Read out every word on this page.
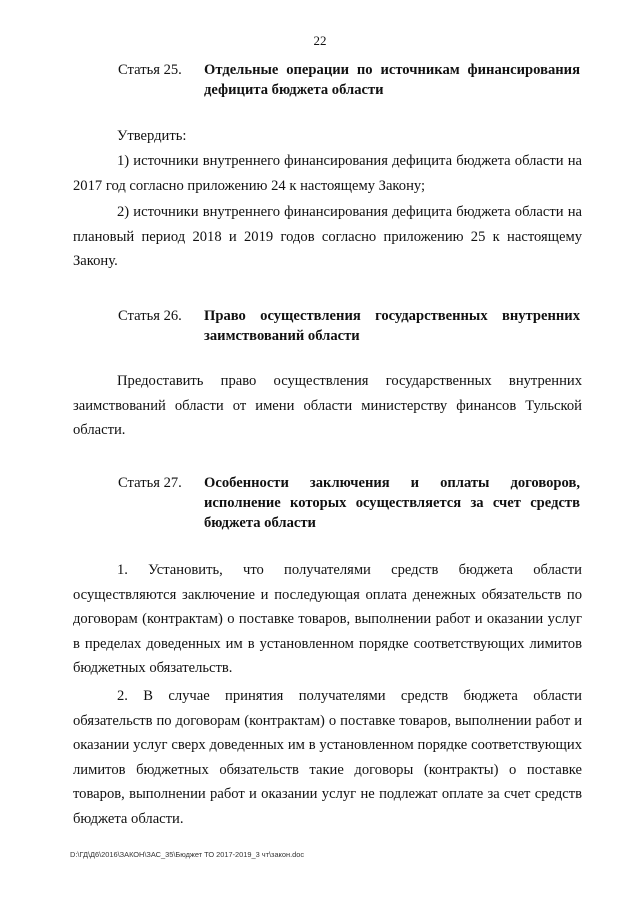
22
Статья 25. Отдельные операции по источникам финансирования дефицита бюджета области

Утвердить:

1) источники внутреннего финансирования дефицита бюджета области на 2017 год согласно приложению 24 к настоящему Закону;

2) источники внутреннего финансирования дефицита бюджета области на плановый период 2018 и 2019 годов согласно приложению 25 к настоящему Закону.

Статья 26. Право осуществления государственных внутренних заимствований области

Предоставить право осуществления государственных внутренних заимствований области от имени области министерству финансов Тульской области.

Статья 27. Особенности заключения и оплаты договоров, исполнение которых осуществляется за счет средств бюджета области

1. Установить, что получателями средств бюджета области осуществляются заключение и последующая оплата денежных обязательств по договорам (контрактам) о поставке товаров, выполнении работ и оказании услуг в пределах доведенных им в установленном порядке соответствующих лимитов бюджетных обязательств.

2. В случае принятия получателями средств бюджета области обязательств по договорам (контрактам) о поставке товаров, выполнении работ и оказании услуг сверх доведенных им в установленном порядке соответствующих лимитов бюджетных обязательств такие договоры (контракты) о поставке товаров, выполнении работ и оказании услуг не подлежат оплате за счет средств бюджета области.

D:\ГД\Д6\2016\ЗАКОН\ЗАС_35\Бюджет ТО 2017-2019_3 чт\закон.doc
